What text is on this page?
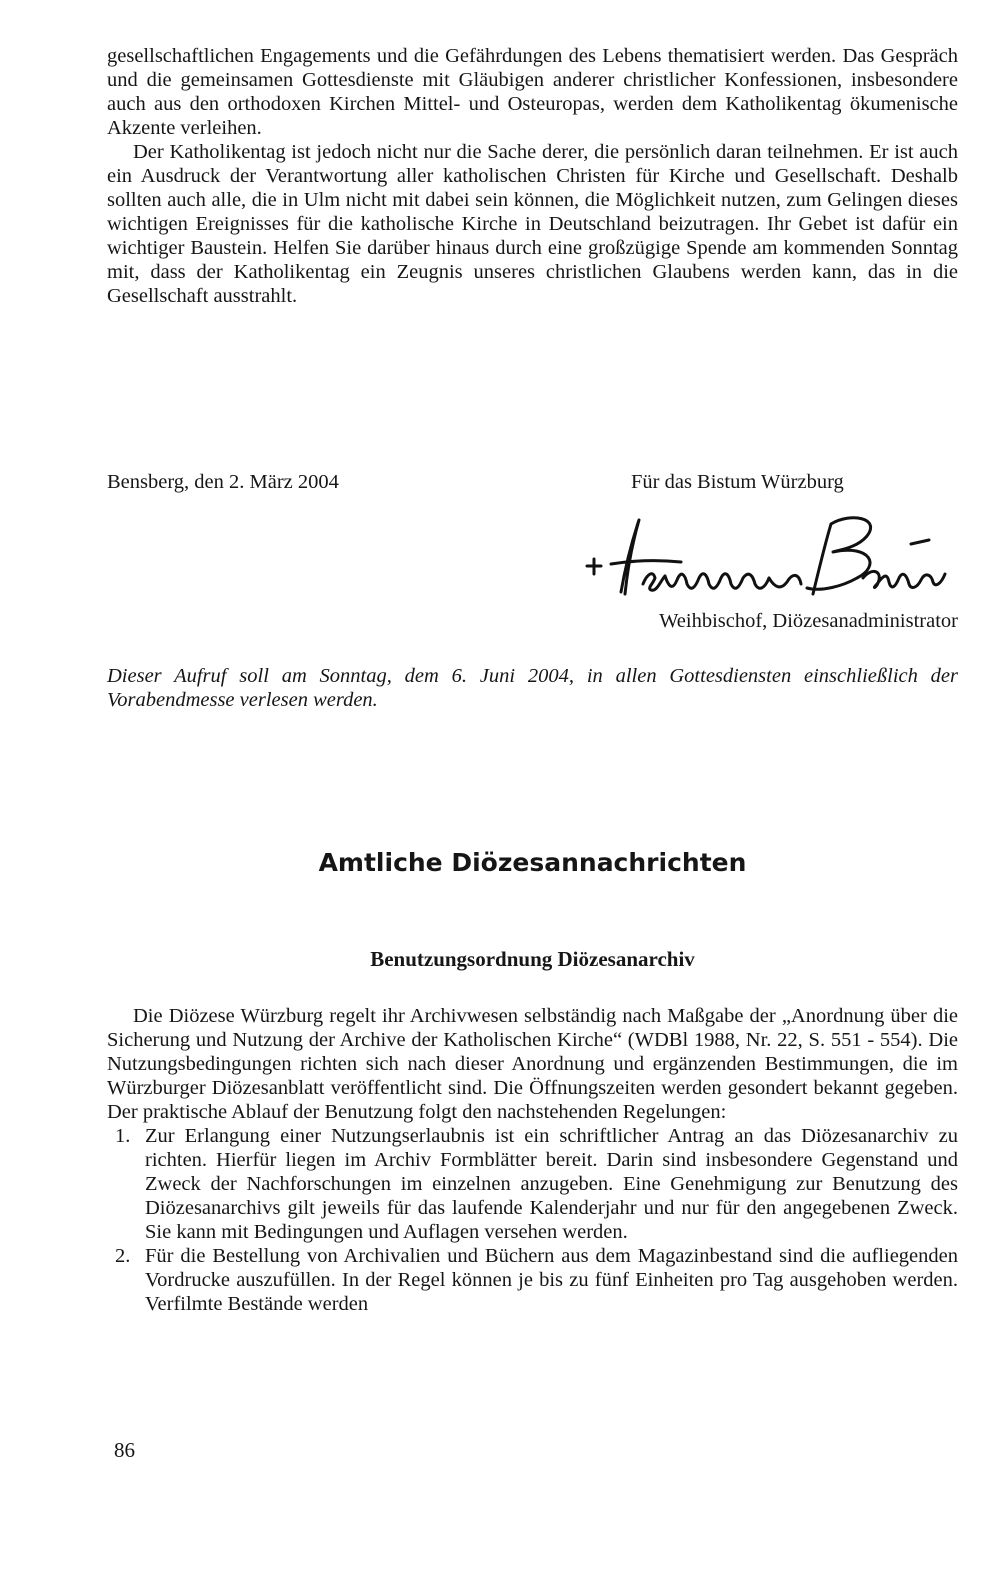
gesellschaftlichen Engagements und die Gefährdungen des Lebens thematisiert werden. Das Gespräch und die gemeinsamen Gottesdienste mit Gläubigen anderer christlicher Konfessionen, insbesondere auch aus den orthodoxen Kirchen Mittel- und Osteuropas, werden dem Katholikentag ökumenische Akzente verleihen.

Der Katholikentag ist jedoch nicht nur die Sache derer, die persönlich daran teilnehmen. Er ist auch ein Ausdruck der Verantwortung aller katholischen Christen für Kirche und Gesellschaft. Deshalb sollten auch alle, die in Ulm nicht mit dabei sein können, die Möglichkeit nutzen, zum Gelingen dieses wichtigen Ereignisses für die katholische Kirche in Deutschland beizutragen. Ihr Gebet ist dafür ein wichtiger Baustein. Helfen Sie darüber hinaus durch eine großzügige Spende am kommenden Sonntag mit, dass der Katholikentag ein Zeugnis unseres christlichen Glaubens werden kann, das in die Gesellschaft ausstrahlt.

Bensberg, den 2. März 2004	Für das Bistum Würzburg
+ Helmut Bauer
Weihbischof, Diözesanadministrator

Dieser Aufruf soll am Sonntag, dem 6. Juni 2004, in allen Gottesdiensten einschließlich der Vorabendmesse verlesen werden.

Amtliche Diözesannachrichten
Benutzungsordnung Diözesanarchiv

Die Diözese Würzburg regelt ihr Archivwesen selbständig nach Maßgabe der „Anordnung über die Sicherung und Nutzung der Archive der Katholischen Kirche“ (WDBl 1988, Nr. 22, S. 551 - 554). Die Nutzungsbedingungen richten sich nach dieser Anordnung und ergänzenden Bestimmungen, die im Würzburger Diözesanblatt veröffentlicht sind. Die Öffnungszeiten werden gesondert bekannt gegeben. Der praktische Ablauf der Benutzung folgt den nachstehenden Regelungen:

1. Zur Erlangung einer Nutzungserlaubnis ist ein schriftlicher Antrag an das Diözesanarchiv zu richten. Hierfür liegen im Archiv Formblätter bereit. Darin sind insbesondere Gegenstand und Zweck der Nachforschungen im einzelnen anzugeben. Eine Genehmigung zur Benutzung des Diözesanarchivs gilt jeweils für das laufende Kalenderjahr und nur für den angegebenen Zweck. Sie kann mit Bedingungen und Auflagen versehen werden.
2. Für die Bestellung von Archivalien und Büchern aus dem Magazinbestand sind die aufliegenden Vordrucke auszufüllen. In der Regel können je bis zu fünf Einheiten pro Tag ausgehoben werden. Verfilmte Bestände werden
86
